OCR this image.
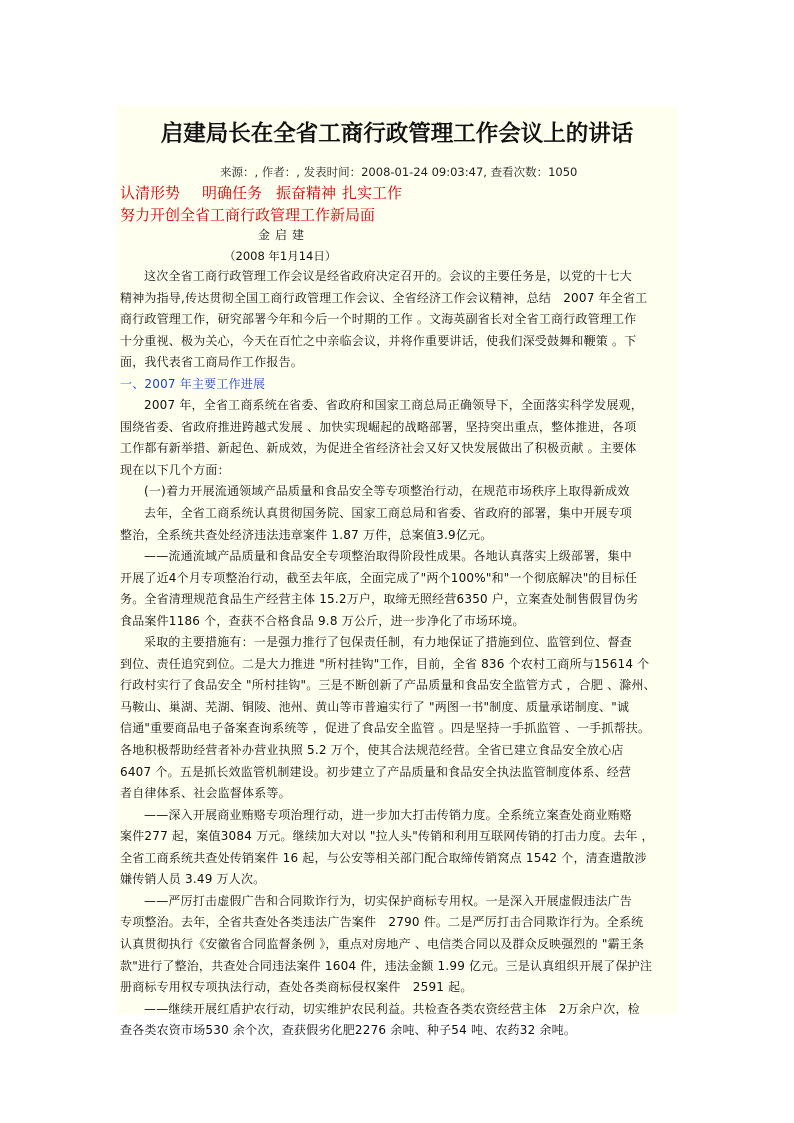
启建局长在全省工商行政管理工作会议上的讲话
来源：, 作者：, 发表时间：2008-01-24 09:03:47, 查看次数：1050
认清形势 明确任务 振奋精神 扎实工作
努力开创全省工商行政管理工作新局面
金启建
（2008 年1月14日）
这次全省工商行政管理工作会议是经省政府决定召开的。会议的主要任务是，以党的十七大
精神为指导,传达贯彻全国工商行政管理工作会议、全省经济工作会议精神，总结　2007 年全省工
商行政管理工作，研究部署今年和今后一个时期的工作 。文海英副省长对全省工商行政管理工作
十分重视、极为关心，今天在百忙之中亲临会议，并将作重要讲话，使我们深受鼓舞和鞭策 。下
面，我代表省工商局作工作报告。
一、2007 年主要工作进展
2007 年，全省工商系统在省委、省政府和国家工商总局正确领导下，全面落实科学发展观，
围绕省委、省政府推进跨越式发展 、加快实现崛起的战略部署，坚持突出重点，整体推进，各项
工作都有新举措、新起色、新成效，为促进全省经济社会又好又快发展做出了积极贡献 。主要体
现在以下几个方面：
(一)着力开展流通领域产品质量和食品安全等专项整治行动，在规范市场秩序上取得新成效
去年，全省工商系统认真贯彻国务院、国家工商总局和省委、省政府的部署，集中开展专项
整治，全系统共查处经济违法违章案件 1.87 万件，总案值3.9亿元。
——流通流域产品质量和食品安全专项整治取得阶段性成果。各地认真落实上级部署，集中
开展了近4个月专项整治行动，截至去年底，全面完成了"两个100%"和"一个彻底解决"的目标任
务。全省清理规范食品生产经营主体 15.2万户，取缔无照经营6350 户，立案查处制售假冒伪劣
食品案件1186 个，查获不合格食品 9.8 万公斤，进一步净化了市场环境。
采取的主要措施有：一是强力推行了包保责任制，有力地保证了措施到位、监管到位、督查
到位、责任追究到位。二是大力推进 "所村挂钩"工作，目前，全省 836 个农村工商所与15614 个
行政村实行了食品安全 "所村挂钩"。三是不断创新了产品质量和食品安全监管方式 ，合肥 、滁州、
马鞍山、巢湖、芜湖、铜陵、池州、黄山等市普遍实行了 "两图一书"制度、质量承诺制度、"诚
信通"重要商品电子备案查询系统等 ，促进了食品安全监管 。四是坚持一手抓监管 、一手抓帮扶。
各地积极帮助经营者补办营业执照 5.2 万个，使其合法规范经营。全省已建立食品安全放心店
6407 个。五是抓长效监管机制建设。初步建立了产品质量和食品安全执法监管制度体系、经营
者自律体系、社会监督体系等。
——深入开展商业贿赂专项治理行动，进一步加大打击传销力度。全系统立案查处商业贿赂
案件277 起，案值3084 万元。继续加大对以 "拉人头"传销和利用互联网传销的打击力度。去年 ，
全省工商系统共查处传销案件 16 起，与公安等相关部门配合取缔传销窝点 1542 个，清查遣散涉
嫌传销人员 3.49 万人次。
——严厉打击虚假广告和合同欺诈行为，切实保护商标专用权。一是深入开展虚假违法广告
专项整治。去年，全省共查处各类违法广告案件　2790 件。二是严厉打击合同欺诈行为。全系统
认真贯彻执行《安徽省合同监督条例 》，重点对房地产 、电信类合同以及群众反映强烈的 "霸王条
款"进行了整治，共查处合同违法案件 1604 件，违法金额 1.99 亿元。三是认真组织开展了保护注
册商标专用权专项执法行动，查处各类商标侵权案件　2591 起。
——继续开展红盾护农行动，切实维护农民利益。共检查各类农资经营主体　2万余户次，检
查各类农资市场530 余个次，查获假劣化肥2276 余吨、种子54 吨、农药32 余吨。
